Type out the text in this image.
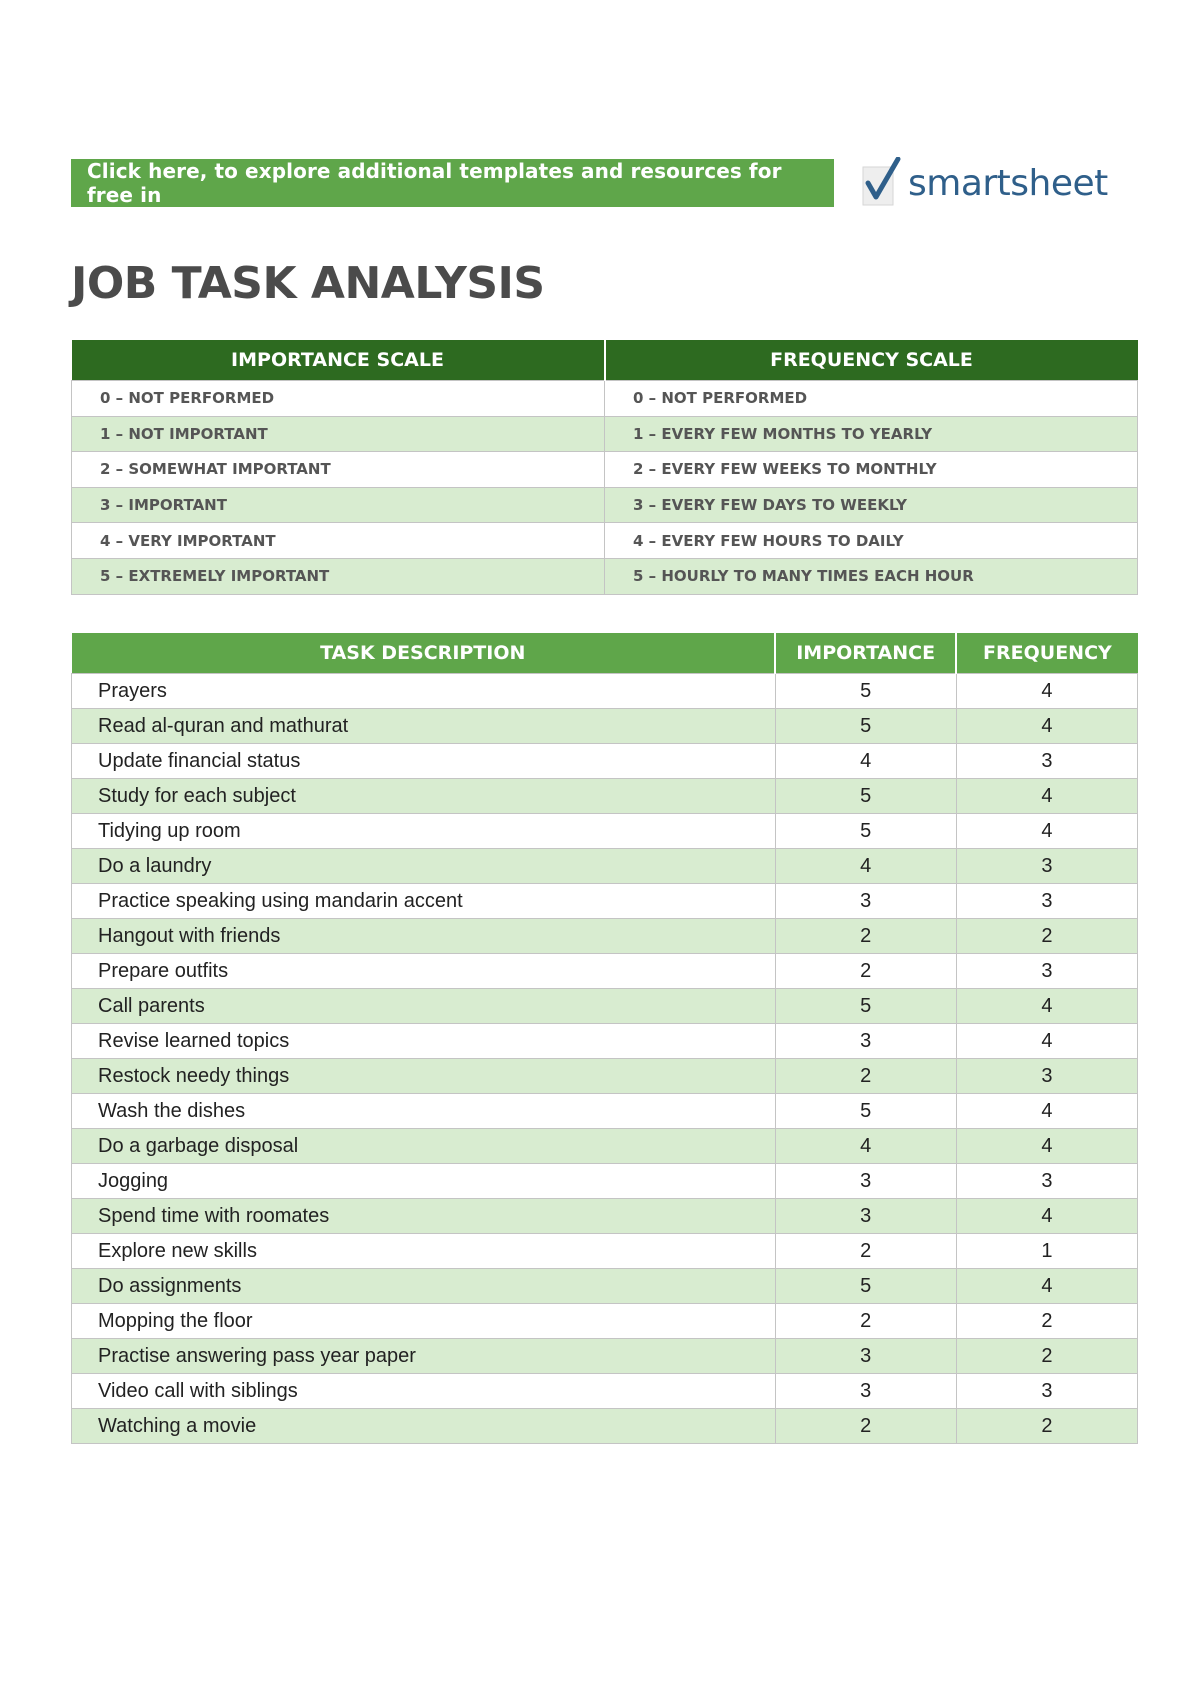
Click here, to explore additional templates and resources for free in	smartsheet
JOB TASK ANALYSIS
IMPORTANCE SCALE	FREQUENCY SCALE
0 – NOT PERFORMED	0 – NOT PERFORMED
1 – NOT IMPORTANT	1 – EVERY FEW MONTHS TO YEARLY
2 – SOMEWHAT IMPORTANT	2 – EVERY FEW WEEKS TO MONTHLY
3 – IMPORTANT	3 – EVERY FEW DAYS TO WEEKLY
4 – VERY IMPORTANT	4 – EVERY FEW HOURS TO DAILY
5 – EXTREMELY IMPORTANT	5 – HOURLY TO MANY TIMES EACH HOUR
TASK DESCRIPTION	IMPORTANCE	FREQUENCY
Prayers	5	4
Read al-quran and mathurat	5	4
Update financial status	4	3
Study for each subject	5	4
Tidying up room	5	4
Do a laundry	4	3
Practice speaking using mandarin accent	3	3
Hangout with friends	2	2
Prepare outfits	2	3
Call parents	5	4
Revise learned topics	3	4
Restock needy things	2	3
Wash the dishes	5	4
Do a garbage disposal	4	4
Jogging	3	3
Spend time with roomates	3	4
Explore new skills	2	1
Do assignments	5	4
Mopping the floor	2	2
Practise answering pass year paper	3	2
Video call with siblings	3	3
Watching a movie	2	2
